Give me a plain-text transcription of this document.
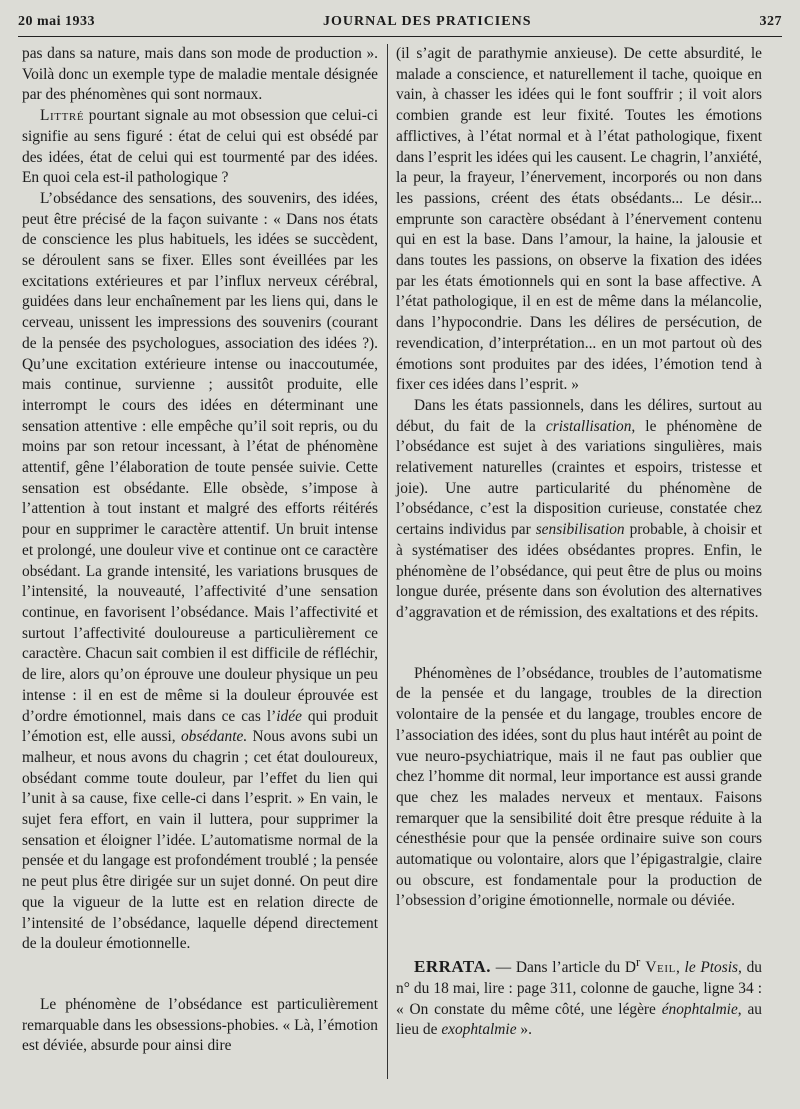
20 mai 1933	JOURNAL DES PRATICIENS	327

pas dans sa nature, mais dans son mode de production ». Voilà donc un exemple type de maladie mentale désignée par des phénomènes qui sont normaux.

Littré pourtant signale au mot obsession que celui-ci signifie au sens figuré : état de celui qui est obsédé par des idées, état de celui qui est tourmenté par des idées. En quoi cela est-il pathologique ?

L’obsédance des sensations, des souvenirs, des idées, peut être précisé de la façon suivante : « Dans nos états de conscience les plus habituels, les idées se succèdent, se déroulent sans se fixer. Elles sont éveillées par les excitations extérieures et par l’influx nerveux cérébral, guidées dans leur enchaînement par les liens qui, dans le cerveau, unissent les impressions des souvenirs (courant de la pensée des psychologues, association des idées ?). Qu’une excitation extérieure intense ou inaccoutumée, mais continue, survienne ; aussitôt produite, elle interrompt le cours des idées en déterminant une sensation attentive : elle empêche qu’il soit repris, ou du moins par son retour incessant, à l’état de phénomène attentif, gêne l’élaboration de toute pensée suivie. Cette sensation est obsédante. Elle obsède, s’impose à l’attention à tout instant et malgré des efforts réitérés pour en supprimer le caractère attentif. Un bruit intense et prolongé, une douleur vive et continue ont ce caractère obsédant. La grande intensité, les variations brusques de l’intensité, la nouveauté, l’affectivité d’une sensation continue, en favorisent l’obsédance. Mais l’affectivité et surtout l’affectivité douloureuse a particulièrement ce caractère. Chacun sait combien il est difficile de réfléchir, de lire, alors qu’on éprouve une douleur physique un peu intense : il en est de même si la douleur éprouvée est d’ordre émotionnel, mais dans ce cas l’idée qui produit l’émotion est, elle aussi, obsédante. Nous avons subi un malheur, et nous avons du chagrin ; cet état douloureux, obsédant comme toute douleur, par l’effet du lien qui l’unit à sa cause, fixe celle-ci dans l’esprit. » En vain, le sujet fera effort, en vain il luttera, pour supprimer la sensation et éloigner l’idée. L’automatisme normal de la pensée et du langage est profondément troublé ; la pensée ne peut plus être dirigée sur un sujet donné. On peut dire que la vigueur de la lutte est en relation directe de l’intensité de l’obsédance, laquelle dépend directement de la douleur émotionnelle.

Le phénomène de l’obsédance est particulièrement remarquable dans les obsessions-phobies. « Là, l’émotion est déviée, absurde pour ainsi dire

(il s’agit de parathymie anxieuse). De cette absurdité, le malade a conscience, et naturellement il tache, quoique en vain, à chasser les idées qui le font souffrir ; il voit alors combien grande est leur fixité. Toutes les émotions afflictives, à l’état normal et à l’état pathologique, fixent dans l’esprit les idées qui les causent. Le chagrin, l’anxiété, la peur, la frayeur, l’énervement, incorporés ou non dans les passions, créent des états obsédants... Le désir... emprunte son caractère obsédant à l’énervement contenu qui en est la base. Dans l’amour, la haine, la jalousie et dans toutes les passions, on observe la fixation des idées par les états émotionnels qui en sont la base affective. A l’état pathologique, il en est de même dans la mélancolie, dans l’hypocondrie. Dans les délires de persécution, de revendication, d’interprétation... en un mot partout où des émotions sont produites par des idées, l’émotion tend à fixer ces idées dans l’esprit. »

Dans les états passionnels, dans les délires, surtout au début, du fait de la cristallisation, le phénomène de l’obsédance est sujet à des variations singulières, mais relativement naturelles (craintes et espoirs, tristesse et joie). Une autre particularité du phénomène de l’obsédance, c’est la disposition curieuse, constatée chez certains individus par sensibilisation probable, à choisir et à systématiser des idées obsédantes propres. Enfin, le phénomène de l’obsédance, qui peut être de plus ou moins longue durée, présente dans son évolution des alternatives d’aggravation et de rémission, des exaltations et des répits.

Phénomènes de l’obsédance, troubles de l’automatisme de la pensée et du langage, troubles de la direction volontaire de la pensée et du langage, troubles encore de l’association des idées, sont du plus haut intérêt au point de vue neuro-psychiatrique, mais il ne faut pas oublier que chez l’homme dit normal, leur importance est aussi grande que chez les malades nerveux et mentaux. Faisons remarquer que la sensibilité doit être presque réduite à la cénesthésie pour que la pensée ordinaire suive son cours automatique ou volontaire, alors que l’épigastralgie, claire ou obscure, est fondamentale pour la production de l’obsession d’origine émotionnelle, normale ou déviée.

ERRATA. — Dans l’article du $D^r$ Veil, le Ptosis, du n° du 18 mai, lire : page 311, colonne de gauche, ligne 34 : « On constate du même côté, une légère énophtalmie, au lieu de exophtalmie ».
